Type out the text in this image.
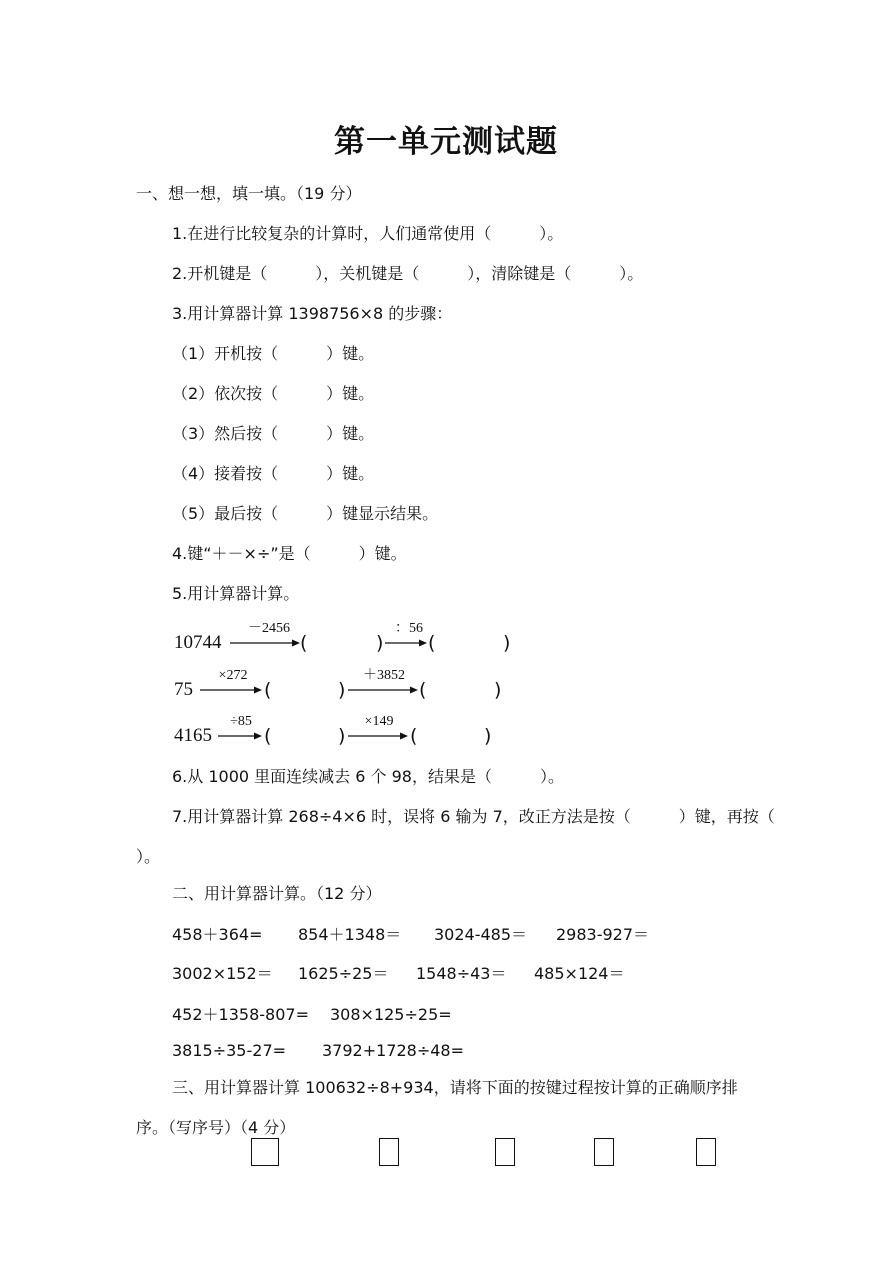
第一单元测试题
一、想一想，填一填。（19 分）
1.在进行比较复杂的计算时，人们通常使用（　　　）。
2.开机键是（　　　），关机键是（　　　），清除键是（　　　）。
3.用计算器计算 1398756×8 的步骤：
（1）开机按（　　　）键。
（2）依次按（　　　）键。
（3）然后按（　　　）键。
（4）接着按（　　　）键。
（5）最后按（　　　）键显示结果。
4.键“＋－×÷”是（　　　）键。
5.用计算器计算。
10744
－2456
(	)
：56
(	)
75
×272
(	)
＋3852
(	)
4165
÷85
(	)
×149
(	)
6.从 1000 里面连续减去 6 个 98，结果是（　　　）。
7.用计算器计算 268÷4×6 时，误将 6 输为 7，改正方法是按（　　　）键，再按（
）。
二、用计算器计算。（12 分）
458＋364= 854＋1348＝ 3024-485＝ 2983-927＝
3002×152＝ 1625÷25＝ 1548÷43＝ 485×124＝
452＋1358-807= 308×125÷25=
3815÷35-27= 3792+1728÷48=
三、用计算器计算 100632÷8+934，请将下面的按键过程按计算的正确顺序排
序。（写序号）（4 分）
